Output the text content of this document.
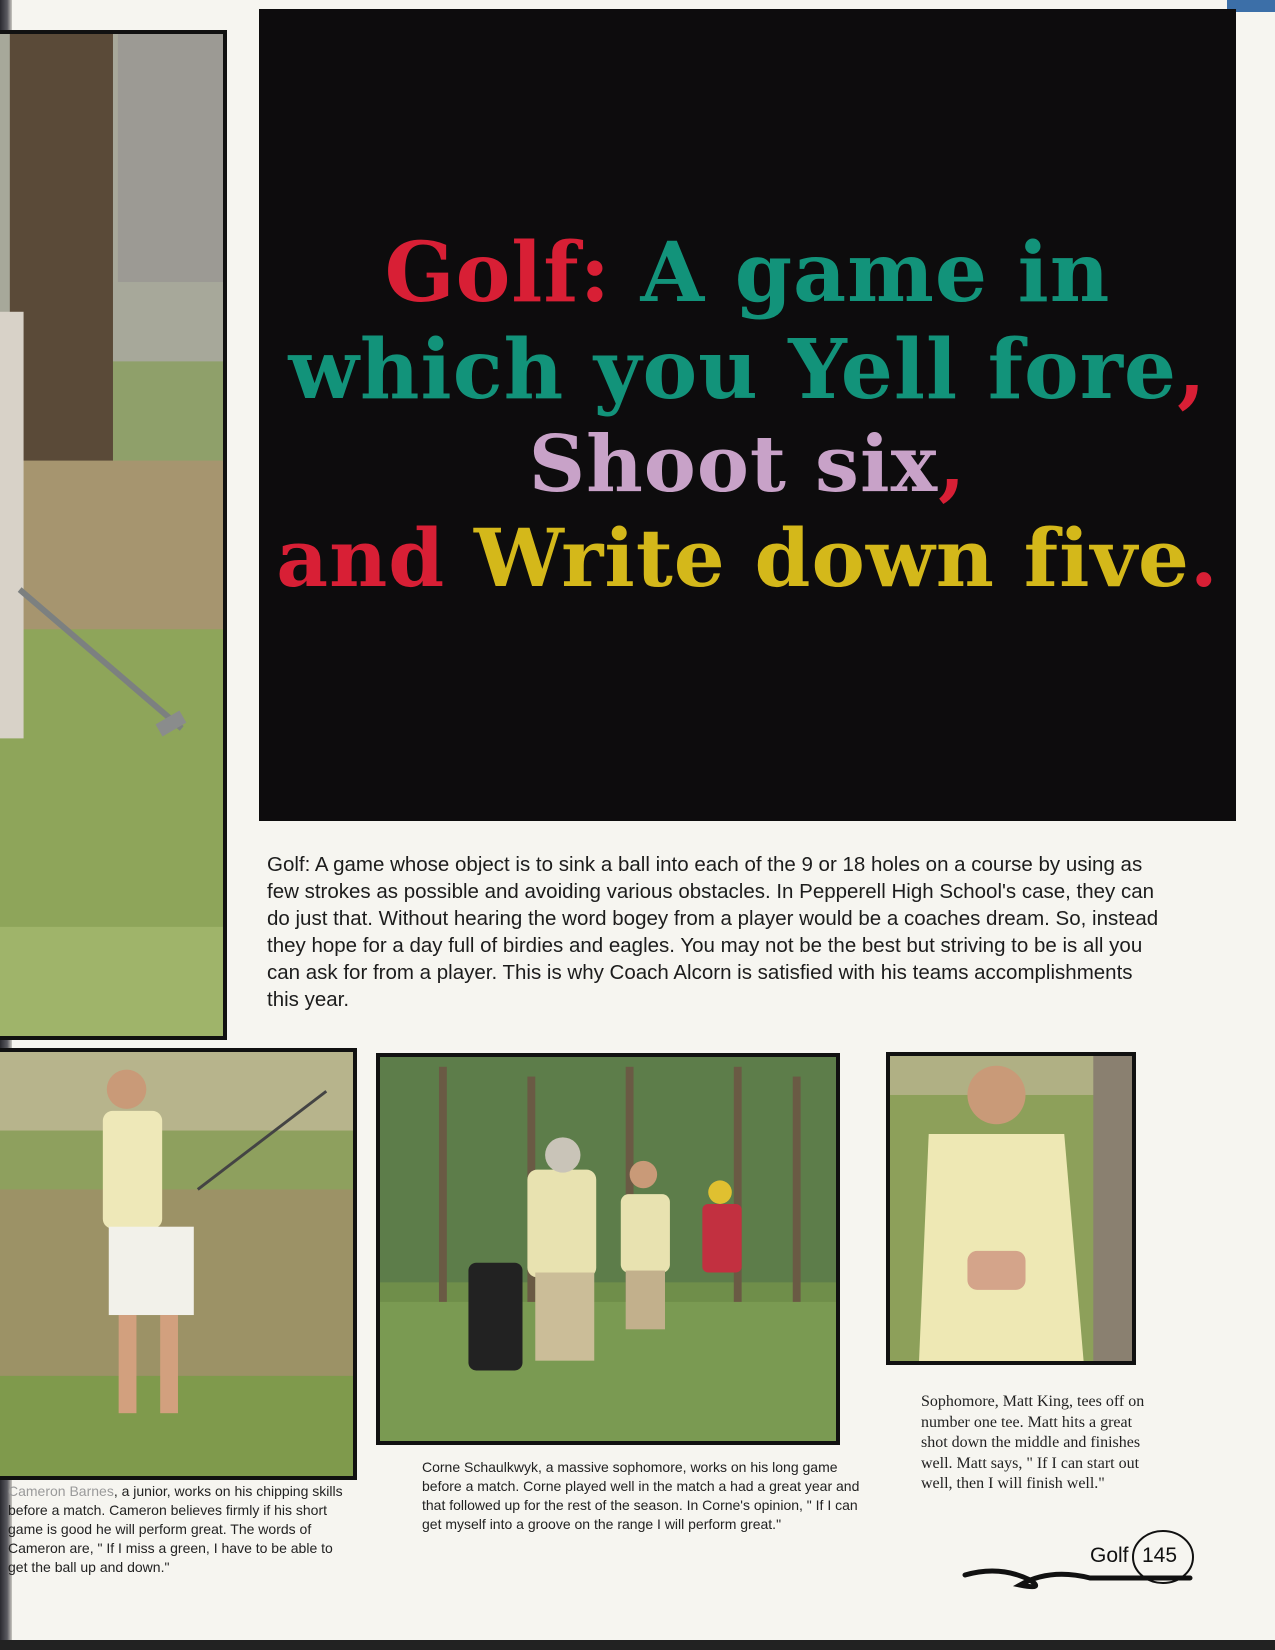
Golf: A game in
which you Yell fore,
Shoot six,
and Write down five.
Golf: A game whose object is to sink a ball into each of the 9 or 18 holes on a course by using as few strokes as possible and avoiding various obstacles. In Pepperell High School's case, they can do just that. Without hearing the word bogey from a player would be a coaches dream. So, instead they hope for a day full of birdies and eagles. You may not be the best but striving to be is all you can ask for from a player. This is why Coach Alcorn is satisfied with his teams accomplishments this year.
Cameron Barnes, a junior, works on his chipping skills before a match. Cameron believes firmly if his short game is good he will perform great. The words of Cameron are, " If I miss a green, I have to be able to get the ball up and down."
Corne Schaulkwyk, a massive sophomore, works on his long game before a match. Corne played well in the match a had a great year and that followed up for the rest of the season. In Corne's opinion, " If I can get myself into a groove on the range I will perform great."
Sophomore, Matt King, tees off on number one tee. Matt hits a great shot down the middle and finishes well. Matt says, " If I can start out well, then I will finish well."
Golf 145
